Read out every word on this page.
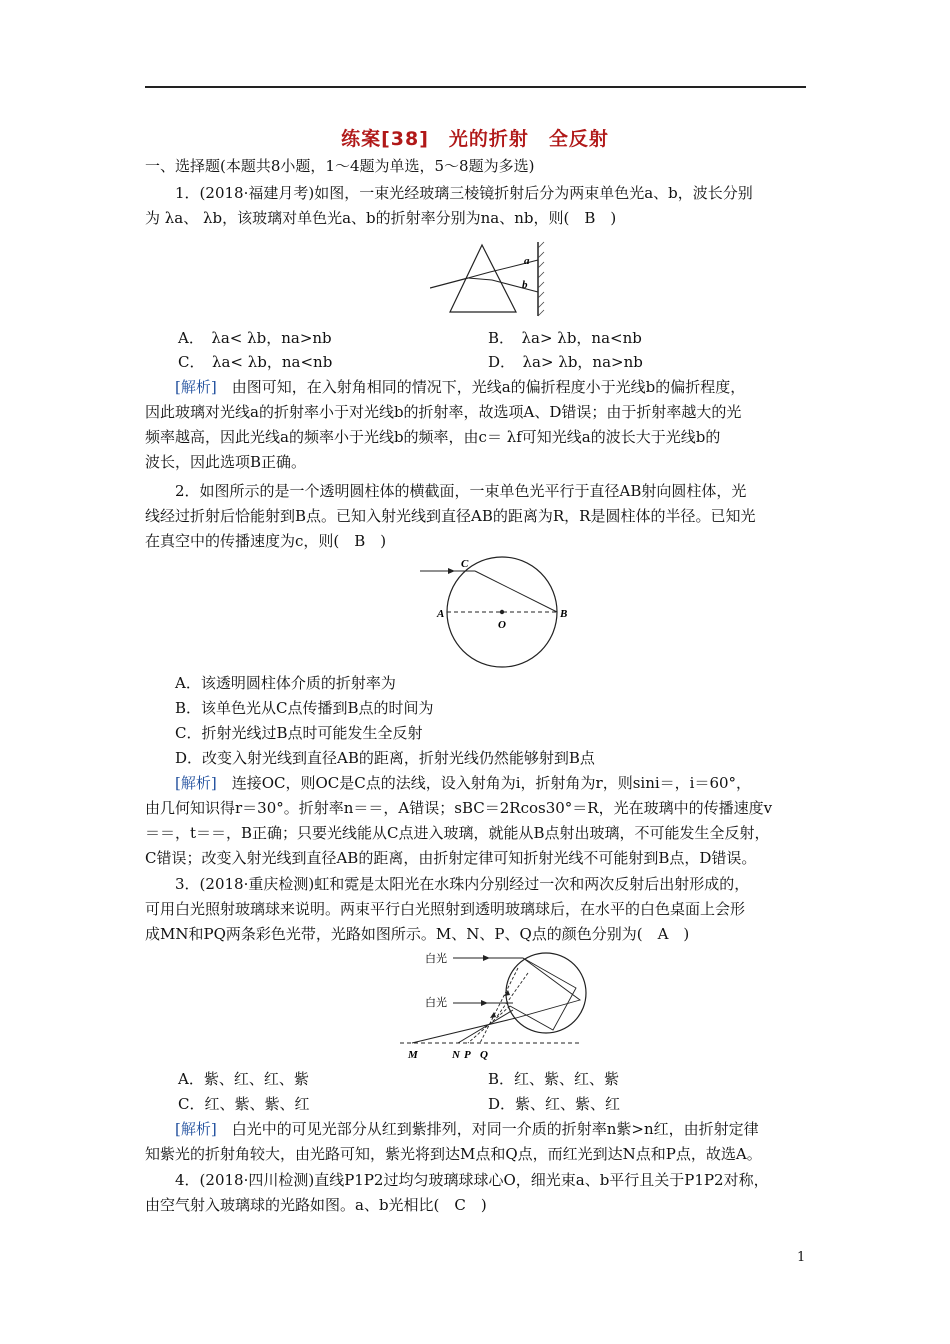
练案[38]　光的折射　全反射
一、选择题(本题共8小题，1～4题为单选，5～8题为多选)
1．(2018·福建月考)如图，一束光经玻璃三棱镜折射后分为两束单色光a、b，波长分别
为 λa、 λb，该玻璃对单色光a、b的折射率分别为na、nb，则(　B　)
a
b
A．　λa< λb，na>nb	B．　λa> λb，na<nb
C．　λa< λb，na<nb	D．　λa> λb，na>nb
[解析]　由图可知，在入射角相同的情况下，光线a的偏折程度小于光线b的偏折程度，
因此玻璃对光线a的折射率小于对光线b的折射率，故选项A、D错误；由于折射率越大的光
频率越高，因此光线a的频率小于光线b的频率，由c＝ λf可知光线a的波长大于光线b的
波长，因此选项B正确。
2．如图所示的是一个透明圆柱体的横截面，一束单色光平行于直径AB射向圆柱体，光
线经过折射后恰能射到B点。已知入射光线到直径AB的距离为R，R是圆柱体的半径。已知光
在真空中的传播速度为c，则(　B　)
C
A
O
B
A．该透明圆柱体介质的折射率为
B．该单色光从C点传播到B点的时间为
C．折射光线过B点时可能发生全反射
D．改变入射光线到直径AB的距离，折射光线仍然能够射到B点
[解析]　连接OC，则OC是C点的法线，设入射角为i，折射角为r，则sini＝，i＝60°，
由几何知识得r＝30°。折射率n＝＝，A错误；sBC＝2Rcos30°＝R，光在玻璃中的传播速度v
＝＝，t＝＝，B正确；只要光线能从C点进入玻璃，就能从B点射出玻璃，不可能发生全反射，
C错误；改变入射光线到直径AB的距离，由折射定律可知折射光线不可能射到B点，D错误。
3．(2018·重庆检测)虹和霓是太阳光在水珠内分别经过一次和两次反射后出射形成的，
可用白光照射玻璃球来说明。两束平行白光照射到透明玻璃球后，在水平的白色桌面上会形
成MN和PQ两条彩色光带，光路如图所示。M、N、P、Q点的颜色分别为(　A　)
白光
白光
M	N P Q
A．紫、红、红、紫	B．红、紫、红、紫
C．红、紫、紫、红	D．紫、红、紫、红
[解析]　白光中的可见光部分从红到紫排列，对同一介质的折射率n紫>n红，由折射定律
知紫光的折射角较大，由光路可知，紫光将到达M点和Q点，而红光到达N点和P点，故选A。
4．(2018·四川检测)直线P1P2过均匀玻璃球球心O，细光束a、b平行且关于P1P2对称，
由空气射入玻璃球的光路如图。a、b光相比(　C　)
1
